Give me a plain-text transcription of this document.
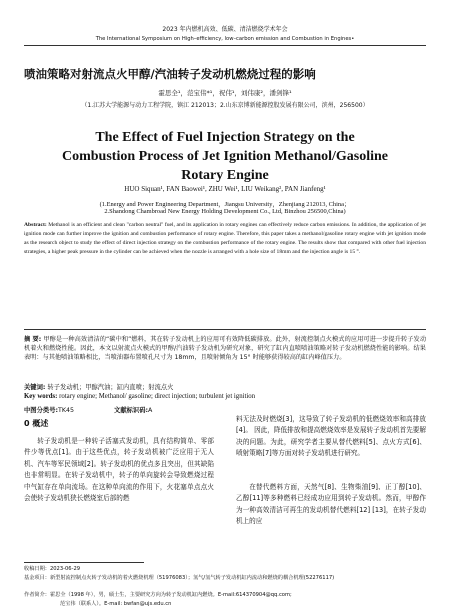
2023 年内燃机高效、低碳、清洁燃烧学术年会
The International Symposium on High–efficiency, low–carbon emission and Combustion in Engines•
喷油策略对射流点火甲醇/汽油转子发动机燃烧过程的影响
霍思全¹，范宝伟*¹，祝伟¹，刘伟康²，潘剑锋¹
（1.江苏大学能源与动力工程学院，镇江 212013；2.山东京博新能源控股发展有限公司，滨州，256500）
The Effect of Fuel Injection Strategy on the
Combustion Process of Jet Ignition Methanol/Gasoline
Rotary Engine
HUO Siquan¹, FAN Baowei¹, ZHU Wei¹, LIU Weikang², PAN Jianfeng¹
(1.Energy and Power Engineering Department，Jiangsu University，Zhenjiang 212013, China；
2.Shandong Chambroad New Energy Holding Development Co., Ltd, Binzhou 256500,China)
Abstract: Methanol is an efficient and clean "carbon neutral" fuel, and its application in rotary engines can effectively reduce carbon emissions. In addition, the application of jet ignition mode can further improve the ignition and combustion performance of rotary engine. Therefore, this paper takes a methanol/gasoline rotary engine with jet ignition mode as the research object to study the effect of direct injection strategy on the combustion performance of the rotary engine. The results show that compared with other fuel injection strategies, a higher peak pressure in the cylinder can be achieved when the nozzle is arranged with a hole size of 18mm and the injection angle is 15 °.
摘 要: 甲醇是一种高效清洁的“碳中和”燃料，其在转子发动机上的应用可有效降低碳排放。此外，射流控制点火模式的应用可进一步提升转子发动机着火和燃烧性能。因此，本文以射流点火模式的甲醇/汽油转子发动机为研究对象，研究了缸内直喷喷油策略对转子发动机燃烧性能的影响。结果表明：与其他喷油策略相比，当喷油器布置喷孔尺寸为 18mm，且喷射倾角为 15° 时能够获得较高的缸内峰值压力。
关键词: 转子发动机；甲醇汽油；缸内直喷；射流点火
Key words: rotary engine; Methanol/ gasoline; direct injection; turbulent jet ignition
中图分类号:TK45	文献标识码:A
0 概述
转子发动机是一种转子活塞式发动机，具有结构简单、零部件少等优点[1]。由于这些优点，转子发动机被广泛应用于无人机、汽车等军民领域[2]。转子发动机的优点多且突出，但其缺陷也非常明显。在转子发动机中，转子的单向旋转会导致燃烧过程中气缸存在单向流场。在这种单向流的作用下，火花塞单点点火会使转子发动机狭长燃烧室后部的燃
料无法及时燃烧[3]，这导致了转子发动机的低燃烧效率和高排放[4]。 因此，降低排放和提高燃烧效率是发展转子发动机首先要解决的问题。为此，研究学者主要从替代燃料[5]、点火方式[6]、喷射策略[7]等方面对转子发动机进行研究。
在替代燃料方面，天然气[8]、生物柴油[9]、正丁醇[10]、乙醇[11]等多种燃料已经成功应用到转子发动机。然而，甲醇作为一种高效清洁可再生的发动机替代燃料[12] [13]，在转子发动机上的应
收稿日期：2023-06-29
基金项目：新型射流控制点火转子发动机的着火燃烧机理（51976083）；氢气/氢气转子发动机缸内流动和燃烧的耦合机理(52276117)
作者简介：霍思全（1998 年），男，硕士生，主要研究方向为转子发动机缸内燃烧。E-mail:614370904@qq.com;
范宝伟（联系人）。E-mail: bwfan@ujs.edu.cn
